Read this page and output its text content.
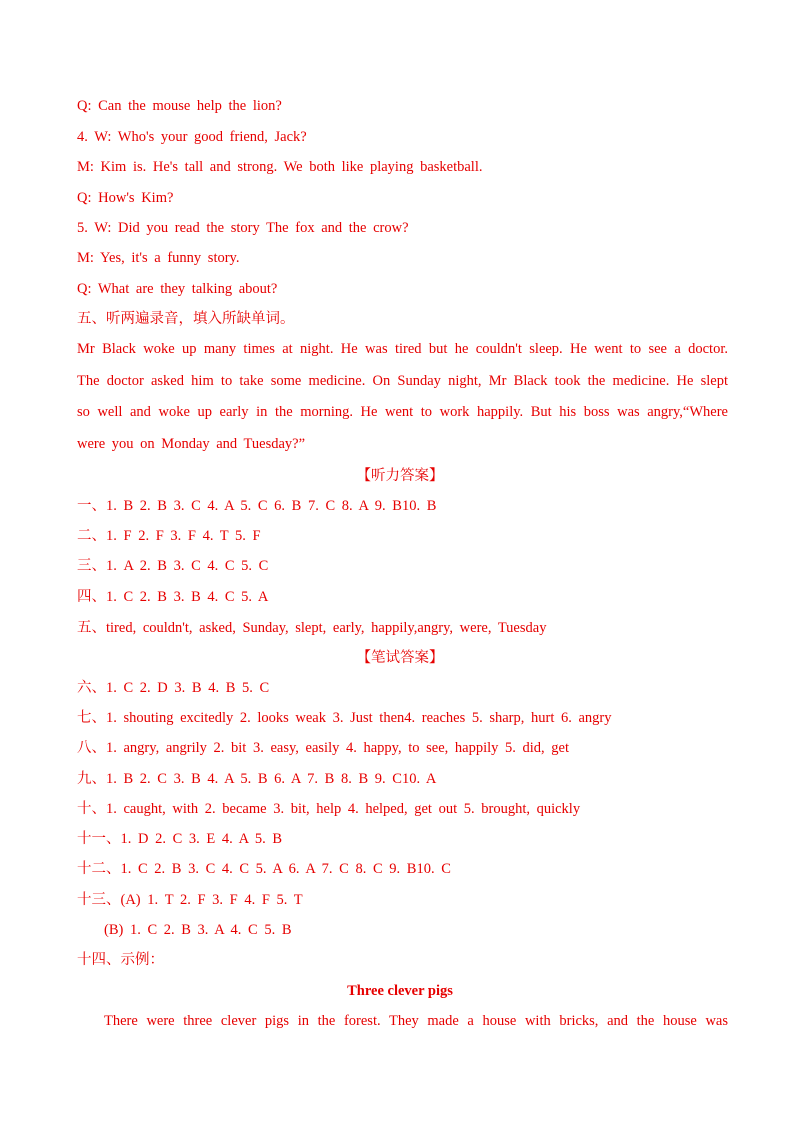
Q: Can the mouse help the lion?
4. W: Who's your good friend, Jack?
M: Kim is. He's tall and strong. We both like playing basketball.
Q: How's Kim?
5. W: Did you read the story The fox and the crow?
M: Yes, it's a funny story.
Q: What are they talking about?
五、听两遍录音，填入所缺单词。
Mr Black woke up many times at night. He was tired but he couldn't sleep. He went to see a doctor. The doctor asked him to take some medicine. On Sunday night, Mr Black took the medicine. He slept so well and woke up early in the morning. He went to work happily. But his boss was angry,“Where were you on Monday and Tuesday?”
【听力答案】
一、1. B 2. B 3. C 4. A 5. C 6. B 7. C 8. A 9. B10. B
二、1. F 2. F 3. F 4. T 5. F
三、1. A 2. B 3. C 4. C 5. C
四、1. C 2. B 3. B 4. C 5. A
五、tired, couldn't, asked, Sunday, slept, early, happily,angry, were, Tuesday
【笔试答案】
六、1. C 2. D 3. B 4. B 5. C
七、1. shouting excitedly 2. looks weak 3. Just then4. reaches 5. sharp, hurt 6. angry
八、1. angry, angrily 2. bit 3. easy, easily 4. happy, to see, happily 5. did, get
九、1. B 2. C 3. B 4. A 5. B 6. A 7. B 8. B 9. C10. A
十、1. caught, with 2. became 3. bit, help 4. helped, get out 5. brought, quickly
十一、1. D 2. C 3. E 4. A 5. B
十二、1. C 2. B 3. C 4. C 5. A 6. A 7. C 8. C 9. B10. C
十三、(A) 1. T 2. F 3. F 4. F 5. T
(B) 1. C 2. B 3. A 4. C 5. B
十四、示例：
Three clever pigs
There were three clever pigs in the forest. They made a house with bricks, and the house was
